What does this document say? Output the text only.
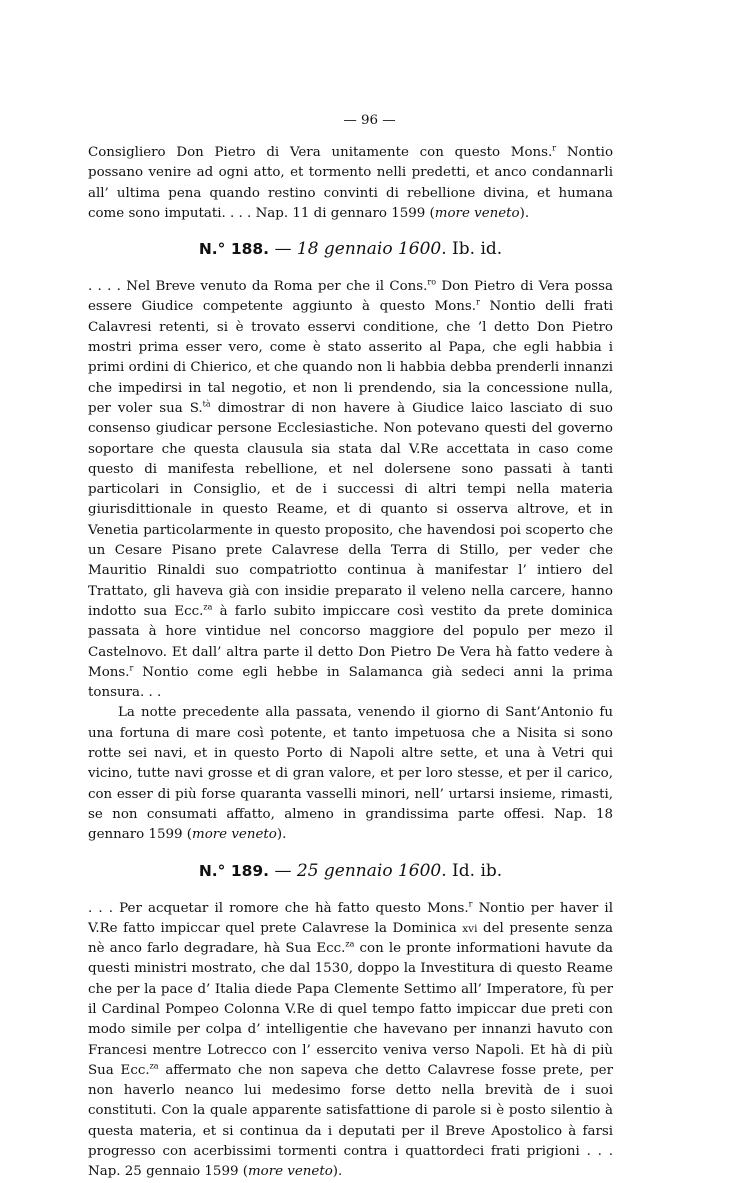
— 96 —

Consigliero Don Pietro di Vera unitamente con questo Mons.$^r$ Nontio possano venire ad ogni atto, et tormento nelli predetti, et anco condannarli all’ ultima pena quando restino convinti di rebellione divina, et humana come sono imputati. . . . Nap. 11 di gennaro 1599 (more veneto).

N.° 188. — 18 gennaio 1600. Ib. id.

. . . . Nel Breve venuto da Roma per che il Cons.$^{ro}$ Don Pietro di Vera possa essere Giudice competente aggiunto à questo Mons.$^r$ Nontio delli frati Calavresi retenti, si è trovato esservi conditione, che ’l detto Don Pietro mostri prima esser vero, come è stato asserito al Papa, che egli habbia i primi ordini di Chierico, et che quando non li habbia debba prenderli innanzi che impedirsi in tal negotio, et non li prendendo, sia la concessione nulla, per voler sua S.$^{tà}$ dimostrar di non havere à Giudice laico lasciato di suo consenso giudicar persone Ecclesiastiche. Non potevano questi del governo soportare che questa clausula sia stata dal V.Re accettata in caso come questo di manifesta rebellione, et nel dolersene sono passati à tanti particolari in Consiglio, et de i successi di altri tempi nella materia giurisdittionale in questo Reame, et di quanto si osserva altrove, et in Venetia particolarmente in questo proposito, che havendosi poi scoperto che un Cesare Pisano prete Calavrese della Terra di Stillo, per veder che Mauritio Rinaldi suo compatriotto continua à manifestar l’ intiero del Trattato, gli haveva già con insidie preparato il veleno nella carcere, hanno indotto sua Ecc.$^{za}$ à farlo subito impiccare così vestito da prete dominica passata à hore vintidue nel concorso maggiore del populo per mezo il Castelnovo. Et dall’ altra parte il detto Don Pietro De Vera hà fatto vedere à Mons.$^r$ Nontio come egli hebbe in Salamanca già sedeci anni la prima tonsura. . .

La notte precedente alla passata, venendo il giorno di Sant’Antonio fu una fortuna di mare così potente, et tanto impetuosa che a Nisita si sono rotte sei navi, et in questo Porto di Napoli altre sette, et una à Vetri qui vicino, tutte navi grosse et di gran valore, et per loro stesse, et per il carico, con esser di più forse quaranta vasselli minori, nell’ urtarsi insieme, rimasti, se non consumati affatto, almeno in grandissima parte offesi. Nap. 18 gennaro 1599 (more veneto).

N.° 189. — 25 gennaio 1600. Id. ib.

. . . Per acquetar il romore che hà fatto questo Mons.$^r$ Nontio per haver il V.Re fatto impiccar quel prete Calavrese la Dominica xvi del presente senza nè anco farlo degradare, hà Sua Ecc.$^{za}$ con le pronte informationi havute da questi ministri mostrato, che dal 1530, doppo la Investitura di questo Reame che per la pace d’ Italia diede Papa Clemente Settimo all’ Imperatore, fù per il Cardinal Pompeo Colonna V.Re di quel tempo fatto impiccar due preti con modo simile per colpa d’ intelligentie che havevano per innanzi havuto con Francesi mentre Lotrecco con l’ essercito veniva verso Napoli. Et hà di più Sua Ecc.$^{za}$ affermato che non sapeva che detto Calavrese fosse prete, per non haverlo neanco lui medesimo forse detto nella brevità de i suoi constituti. Con la quale apparente satisfattione di parole si è posto silentio à questa materia, et si continua da i deputati per il Breve Apostolico à farsi progresso con acerbissimi tormenti contra i quattordeci frati prigioni . . . Nap. 25 gennaio 1599 (more veneto).
